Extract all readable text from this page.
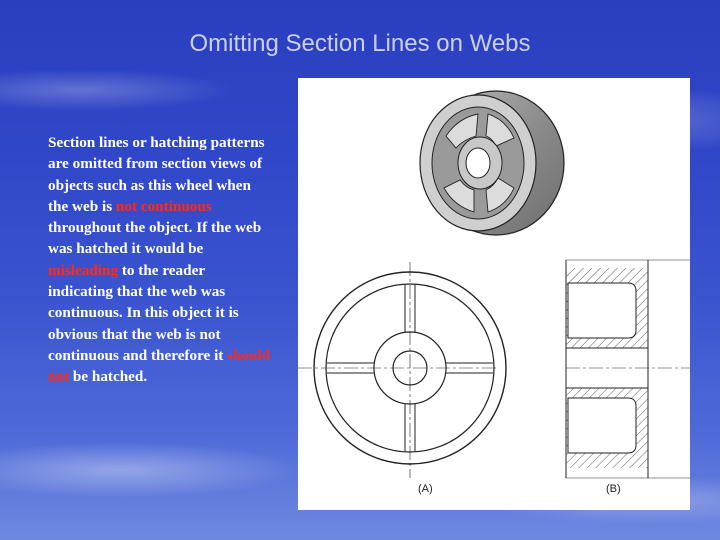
Omitting Section Lines on Webs
Section lines or hatching patterns are omitted from section views of objects such as this wheel when the web is not continuous throughout the object. If the web was hatched it would be misleading to the reader indicating that the web was continuous. In this object it is obvious that the web is not continuous and therefore it should not be hatched.
(A)	(B)
